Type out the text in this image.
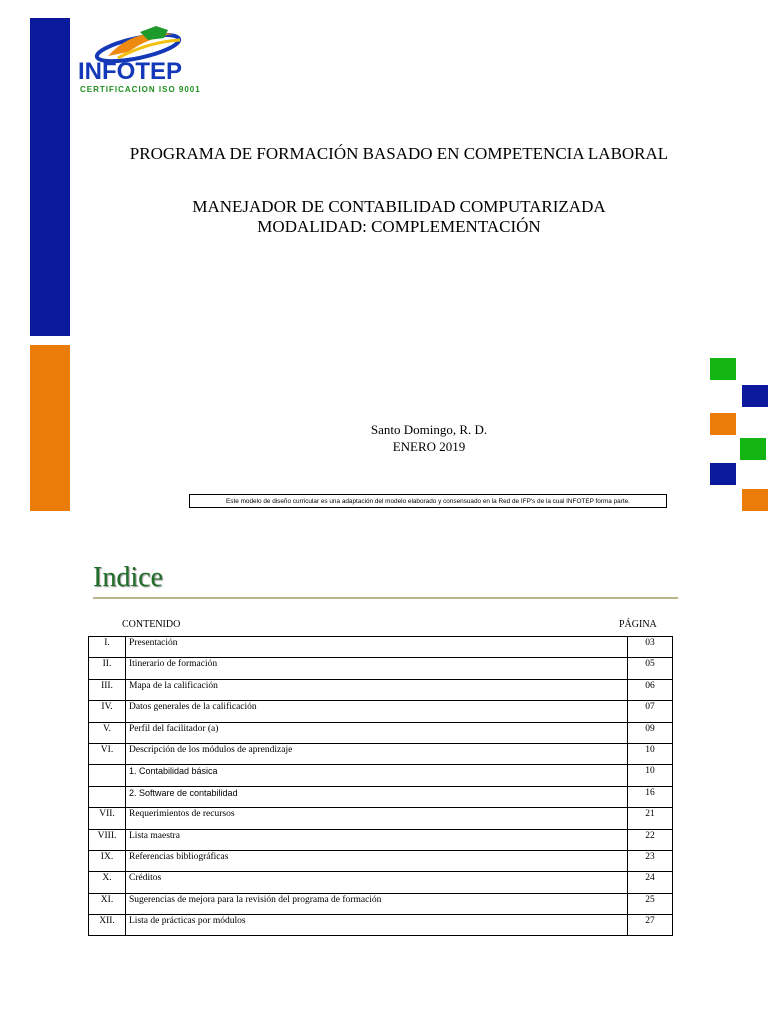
INFOTEP
CERTIFICACION ISO 9001
PROGRAMA DE FORMACIÓN BASADO EN COMPETENCIA LABORAL
MANEJADOR DE CONTABILIDAD COMPUTARIZADA
MODALIDAD: COMPLEMENTACIÓN
Santo Domingo, R. D.
ENERO 2019
Este modelo de diseño curricular es una adaptación del modelo elaborado y consensuado en la Red de IFP's de la cual INFOTEP forma parte.
Indice
CONTENIDO	PÁGINA
I.	Presentación	03
II.	Itinerario de formación	05
III.	Mapa de la calificación	06
IV.	Datos generales de la calificación	07
V.	Perfil del facilitador (a)	09
VI.	Descripción de los módulos de aprendizaje	10
	1. Contabilidad básica	10
	2. Software de contabilidad	16
VII.	Requerimientos de recursos	21
VIII.	Lista maestra	22
IX.	Referencias bibliográficas	23
X.	Créditos	24
XI.	Sugerencias de mejora para la revisión del programa de formación	25
XII.	Lista de prácticas por módulos	27
